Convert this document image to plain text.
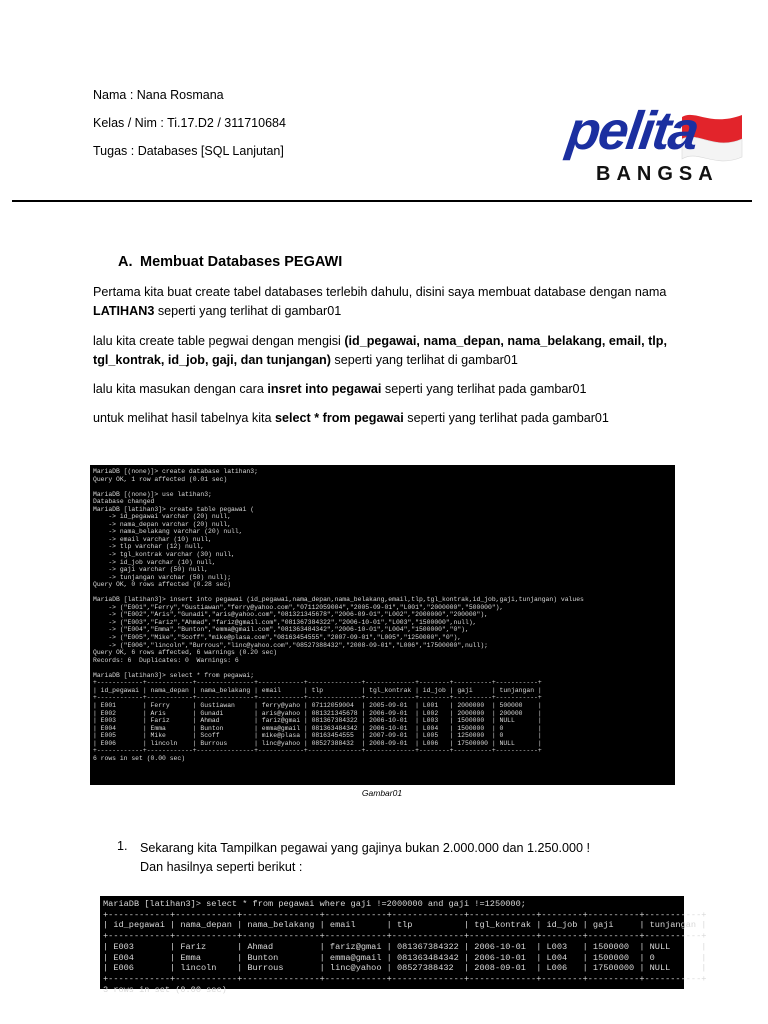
Nama : Nana Rosmana
Kelas / Nim : Ti.17.D2 / 311710684
Tugas : Databases [SQL Lanjutan]	pelita
BANGSA
A. Membuat Databases PEGAWI
Pertama kita buat create tabel databases terlebih dahulu, disini saya membuat database dengan nama LATIHAN3 seperti yang terlihat di gambar01
lalu kita create table pegwai dengan mengisi (id_pegawai, nama_depan, nama_belakang, email, tlp, tgl_kontrak, id_job, gaji, dan tunjangan) seperti yang terlihat di gambar01
lalu kita masukan dengan cara insret into pegawai seperti yang terlihat pada gambar01
untuk melihat hasil tabelnya kita select * from pegawai seperti yang terlihat pada gambar01
MariaDB [(none)]> create database latihan3;
Query OK, 1 row affected (0.01 sec)

MariaDB [(none)]> use latihan3;
Database changed
MariaDB [latihan3]> create table pegawai (
-> id_pegawai varchar (20) null,
-> nama_depan varchar (20) null,
-> nama_belakang varchar (20) null,
-> email varchar (10) null,
-> tlp varchar (12) null,
-> tgl_kontrak varchar (30) null,
-> id_job varchar (10) null,
-> gaji varchar (50) null,
-> tunjangan varchar (50) null);
Query OK, 0 rows affected (0.28 sec)

MariaDB [latihan3]> insert into pegawai (id_pegawai,nama_depan,nama_belakang,email,tlp,tgl_kontrak,id_job,gaji,tunjangan) values
-> ("E001","Ferry","Gustiawan","ferry@yahoo.com","07112059004","2005-09-01","L001","2000000","500000"),
-> ("E002","Aris","Gunadi","aris@yahoo.com","081321345678","2006-09-01","L002","2000000","200000"),
-> ("E003","Fariz","Ahmad","fariz@gmail.com","081367384322","2006-10-01","L003","1500000",null),
-> ("E004","Emma","Bunton","emma@gmail.com","081363484342","2006-10-01","L004","1500000","0"),
-> ("E005","Mike","Scoff","mike@plasa.com","08163454555","2007-09-01","L005","1250000","0"),
-> ("E006","lincoln","Burrous","linc@yahoo.com","08527388432","2008-09-01","L006","17500000",null);
Query OK, 6 rows affected, 6 warnings (0.20 sec)
Records: 6  Duplicates: 0  Warnings: 6

MariaDB [latihan3]> select * from pegawai;
+------------+------------+---------------+------------+--------------+-------------+--------+----------+-----------+
| id_pegawai | nama_depan | nama_belakang | email      | tlp          | tgl_kontrak | id_job | gaji     | tunjangan |
+------------+------------+---------------+------------+--------------+-------------+--------+----------+-----------+
| E001       | Ferry      | Gustiawan     | ferry@yaho | 07112059004  | 2005-09-01  | L001   | 2000000  | 500000    |
| E002       | Aris       | Gunadi        | aris@yahoo | 081321345678 | 2006-09-01  | L002   | 2000000  | 200000    |
| E003       | Fariz      | Ahmad         | fariz@gmai | 081367384322 | 2006-10-01  | L003   | 1500000  | NULL      |
| E004       | Emma       | Bunton        | emma@gmail | 081363484342 | 2006-10-01  | L004   | 1500000  | 0         |
| E005       | Mike       | Scoff         | mike@plasa | 08163454555  | 2007-09-01  | L005   | 1250000  | 0         |
| E006       | lincoln    | Burrous       | linc@yahoo | 08527388432  | 2008-09-01  | L006   | 17500000 | NULL      |
+------------+------------+---------------+------------+--------------+-------------+--------+----------+-----------+
6 rows in set (0.00 sec)
Gambar01
1. Sekarang kita Tampilkan pegawai yang gajinya bukan 2.000.000 dan 1.250.000 !
Dan hasilnya seperti berikut :
MariaDB [latihan3]> select * from pegawai where gaji !=2000000 and gaji !=1250000;
+------------+------------+---------------+------------+--------------+-------------+--------+----------+-----------+
| id_pegawai | nama_depan | nama_belakang | email      | tlp          | tgl_kontrak | id_job | gaji     | tunjangan |
+------------+------------+---------------+------------+--------------+-------------+--------+----------+-----------+
| E003       | Fariz      | Ahmad         | fariz@gmai | 081367384322 | 2006-10-01  | L003   | 1500000  | NULL      |
| E004       | Emma       | Bunton        | emma@gmail | 081363484342 | 2006-10-01  | L004   | 1500000  | 0         |
| E006       | lincoln    | Burrous       | linc@yahoo | 08527388432  | 2008-09-01  | L006   | 17500000 | NULL      |
+------------+------------+---------------+------------+--------------+-------------+--------+----------+-----------+
3 rows in set (0.00 sec)
